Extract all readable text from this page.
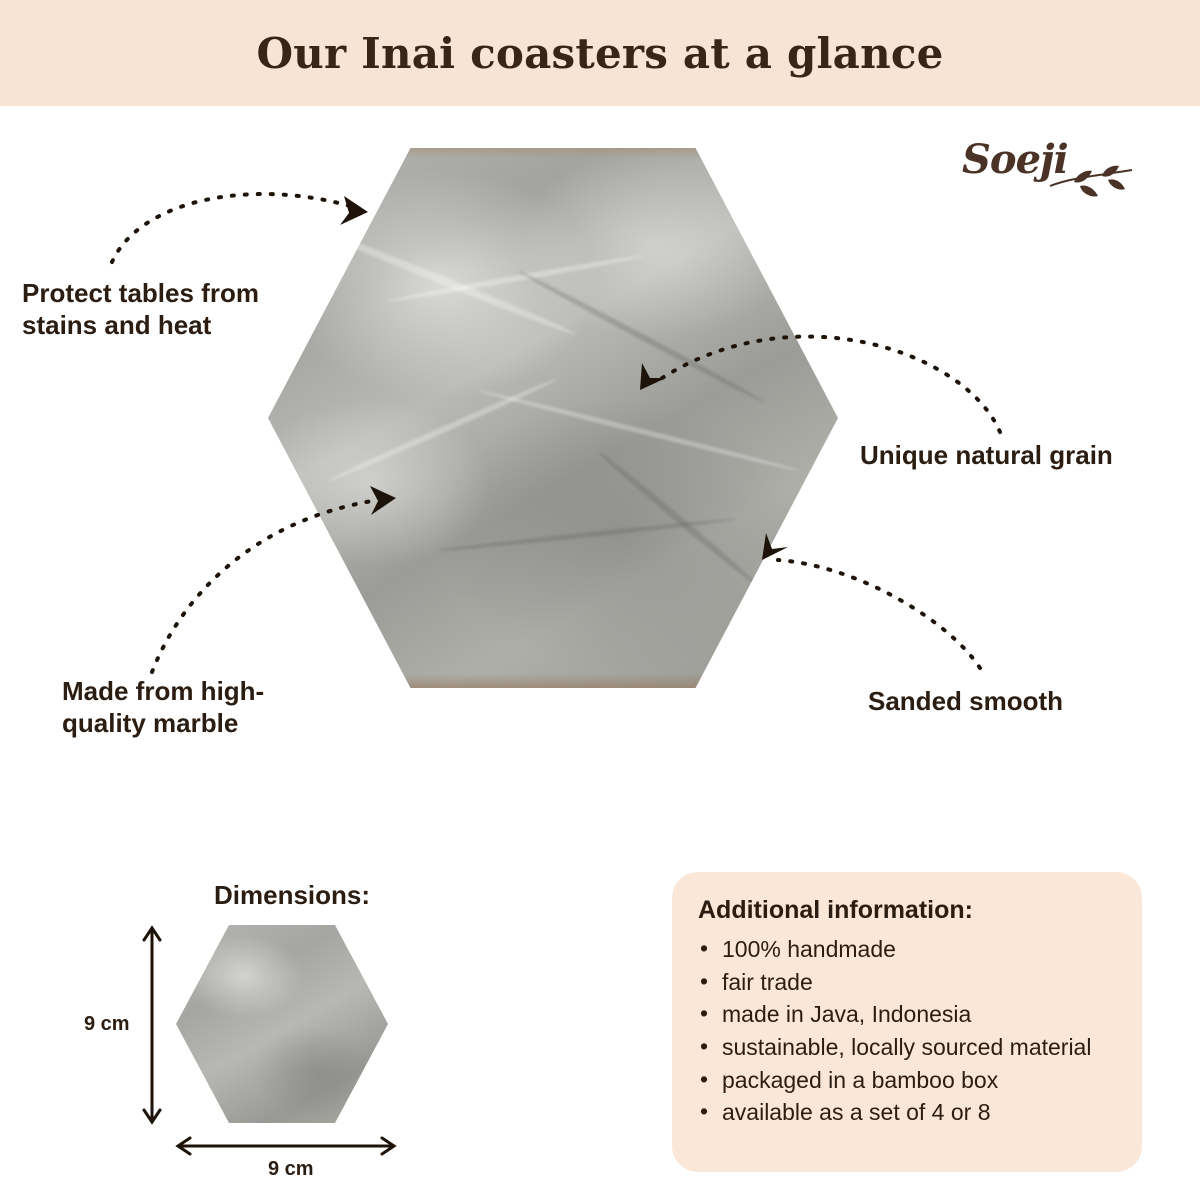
Our Inai coasters at a glance
Soeji
Protect tables from stains and heat
Made from high-quality marble
Unique natural grain
Sanded smooth
Dimensions:
9 cm
9 cm
Additional information:
• 100% handmade
• fair trade
• made in Java, Indonesia
• sustainable, locally sourced material
• packaged in a bamboo box
• available as a set of 4 or 8
